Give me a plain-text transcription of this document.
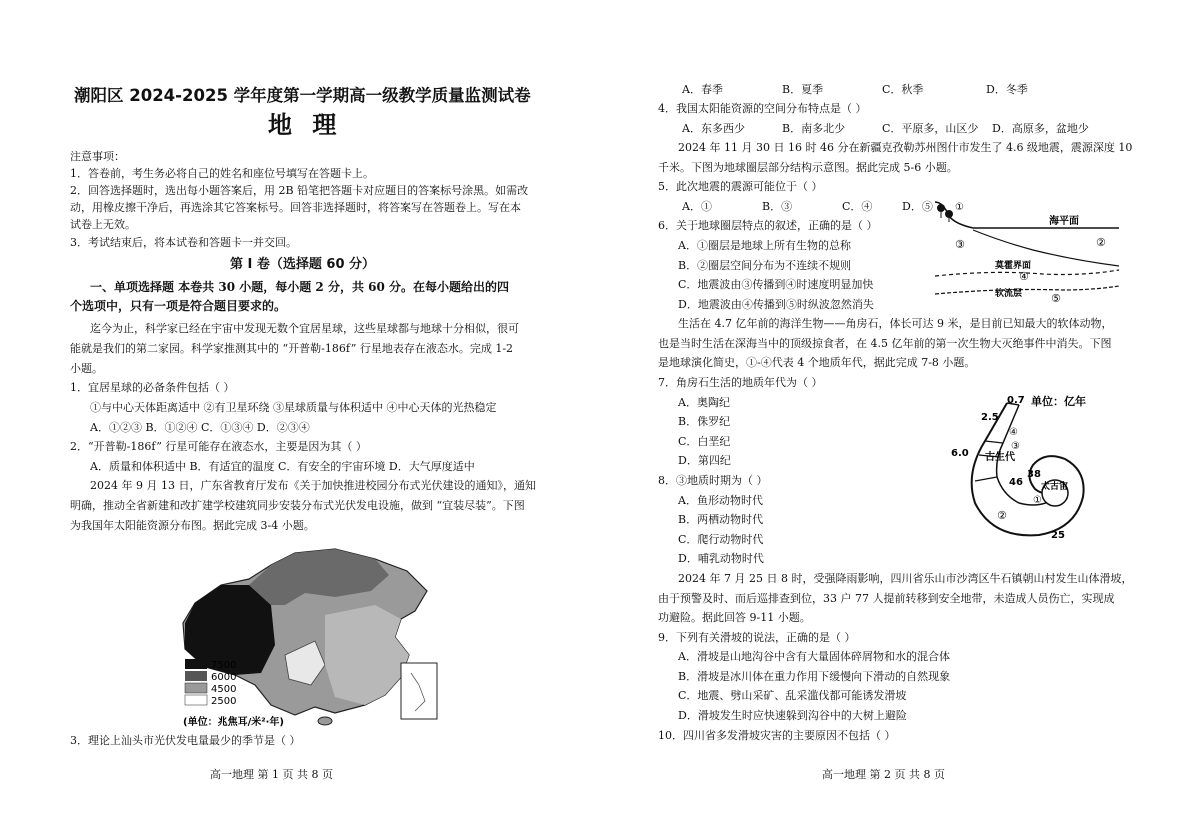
潮阳区 2024-2025 学年度第一学期高一级教学质量监测试卷
地 理
注意事项：
1．答卷前，考生务必将自己的姓名和座位号填写在答题卡上。
2．回答选择题时，选出每小题答案后，用 2B 铅笔把答题卡对应题目的答案标号涂黑。如需改
动，用橡皮擦干净后，再选涂其它答案标号。回答非选择题时，将答案写在答题卷上。写在本
试卷上无效。
3．考试结束后，将本试卷和答题卡一并交回。
第 Ⅰ 卷（选择题 60 分）
一、单项选择题 本卷共 30 小题，每小题 2 分，共 60 分。在每小题给出的四
个选项中，只有一项是符合题目要求的。
迄今为止，科学家已经在宇宙中发现无数个宜居星球，这些星球都与地球十分相似，很可
能就是我们的第二家园。科学家推测其中的 “开普勒-186f” 行星地表存在液态水。完成 1-2
小题。
1．宜居星球的必备条件包括（ ）
①与中心天体距离适中 ②有卫星环绕 ③星球质量与体积适中 ④中心天体的光热稳定
A．①②③ B．①②④ C．①③④ D．②③④
2．“开普勒-186f” 行星可能存在液态水，主要是因为其（ ）
A．质量和体积适中 B．有适宜的温度 C．有安全的宇宙环境 D．大气厚度适中
2024 年 9 月 13 日，广东省教育厅发布《关于加快推进校园分布式光伏建设的通知》，通知
明确，推动全省新建和改扩建学校建筑同步安装分布式光伏发电设施，做到 “宜装尽装”。下图
为我国年太阳能资源分布图。据此完成 3-4 小题。
7500
6000
4500
2500
(单位：兆焦耳/米²·年)
3．理论上汕头市光伏发电量最少的季节是（ ）
高一地理 第 1 页 共 8 页
A．春季	B．夏季	C．秋季	D．冬季
4．我国太阳能资源的空间分布特点是（ ）
A．东多西少	B．南多北少	C．平原多，山区少 D．高原多，盆地少
2024 年 11 月 30 日 16 时 46 分在新疆克孜勒苏州图什市发生了 4.6 级地震，震源深度 10
千米。下图为地球圈层部分结构示意图。据此完成 5-6 小题。
5．此次地震的震源可能位于（ ）
A．①	B．③	C．④	D．⑤
6．关于地球圈层特点的叙述，正确的是（ ）
A．①圈层是地球上所有生物的总称
B．②圈层空间分布为不连续不规则
C．地震波由③传播到④时速度明显加快
D．地震波由④传播到⑤时纵波忽然消失
海平面
①
②
③
莫霍界面
④
软流层	⑤
生活在 4.7 亿年前的海洋生物——角房石，体长可达 9 米，是目前已知最大的软体动物，
也是当时生活在深海当中的顶级掠食者，在 4.5 亿年前的第一次生物大灭绝事件中消失。下图
是地球演化简史，①-④代表 4 个地质年代，据此完成 7-8 小题。
7．角房石生活的地质年代为（ ）
A．奥陶纪
B．侏罗纪
C．白垩纪
D．第四纪
8．③地质时期为（ ）
A．鱼形动物时代
B．两栖动物时代
C．爬行动物时代
D．哺乳动物时代
单位：亿年
0.7
2.5
6.0 古生代
④
③
38
46 太古宙
②
①
25
2024 年 7 月 25 日 8 时，受强降雨影响，四川省乐山市沙湾区牛石镇朝山村发生山体滑坡，
由于预警及时、而后巡排查到位，33 户 77 人提前转移到安全地带，未造成人员伤亡，实现成
功避险。据此回答 9-11 小题。
9．下列有关滑坡的说法，正确的是（ ）
A．滑坡是山地沟谷中含有大量固体碎屑物和水的混合体
B．滑坡是冰川体在重力作用下缓慢向下滑动的自然现象
C．地震、劈山采矿、乱采滥伐都可能诱发滑坡
D．滑坡发生时应快速躲到沟谷中的大树上避险
10．四川省多发滑坡灾害的主要原因不包括（ ）
高一地理 第 2 页 共 8 页
